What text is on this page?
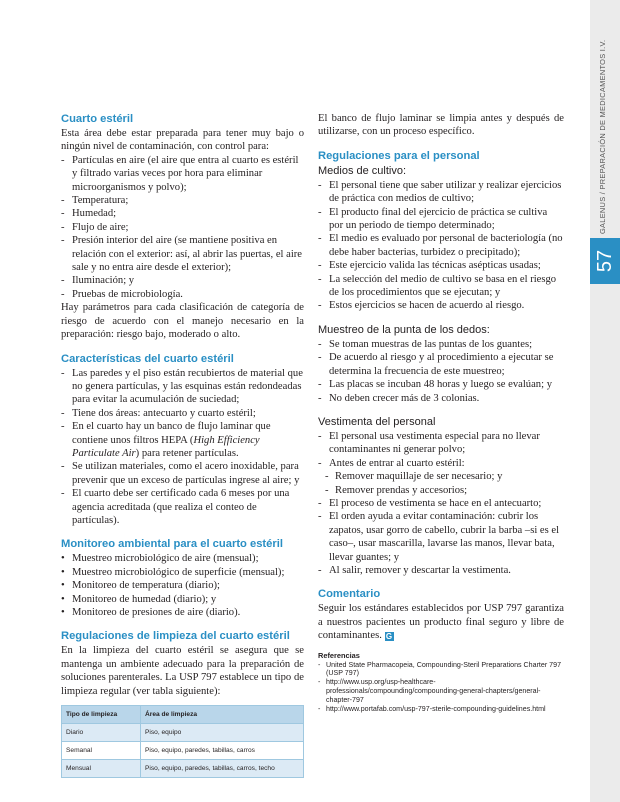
GALENUS / PREPARACIÓN DE MEDICAMENTOS I.V.
57
Cuarto estéril

Esta área debe estar preparada para tener muy bajo o ningún nivel de contaminación, con control para:

- Partículas en aire (el aire que entra al cuarto es estéril y filtrado varias veces por hora para eliminar microorganismos y polvo);
- Temperatura;
- Humedad;
- Flujo de aire;
- Presión interior del aire (se mantiene positiva en relación con el exterior: así, al abrir las puertas, el aire sale y no entra aire desde el exterior);
- Iluminación; y
- Pruebas de microbiología.

Hay parámetros para cada clasificación de categoría de riesgo de acuerdo con el manejo necesario en la preparación: riesgo bajo, moderado o alto.

Características del cuarto estéril
- Las paredes y el piso están recubiertos de material que no genera partículas, y las esquinas están redondeadas para evitar la acumulación de suciedad;
- Tiene dos áreas: antecuarto y cuarto estéril;
- En el cuarto hay un banco de flujo laminar que contiene unos filtros HEPA (High Efficiency Particulate Air) para retener partículas.
- Se utilizan materiales, como el acero inoxidable, para prevenir que un exceso de partículas ingrese al aire; y
- El cuarto debe ser certificado cada 6 meses por una agencia acreditada (que realiza el conteo de partículas).
Monitoreo ambiental para el cuarto estéril
• Muestreo microbiológico de aire (mensual);
• Muestreo microbiológico de superficie (mensual);
• Monitoreo de temperatura (diario);
• Monitoreo de humedad (diario); y
• Monitoreo de presiones de aire (diario).
Regulaciones de limpieza del cuarto estéril

En la limpieza del cuarto estéril se asegura que se mantenga un ambiente adecuado para la preparación de soluciones parenterales. La USP 797 establece un tipo de limpieza regular (ver tabla siguiente):

Tipo de limpieza	Área de limpieza
Diario	Piso, equipo
Semanal	Piso, equipo, paredes, tabillas, carros
Mensual	Piso, equipo, paredes, tabillas, carros, techo

El banco de flujo laminar se limpia antes y después de utilizarse, con un proceso específico.

Regulaciones para el personal
Medios de cultivo:
- El personal tiene que saber utilizar y realizar ejercicios de práctica con medios de cultivo;
- El producto final del ejercicio de práctica se cultiva por un periodo de tiempo determinado;
- El medio es evaluado por personal de bacteriología (no debe haber bacterias, turbidez o precipitado);
- Este ejercicio valida las técnicas asépticas usadas;
- La selección del medio de cultivo se basa en el riesgo de los procedimientos que se ejecutan; y
- Estos ejercicios se hacen de acuerdo al riesgo.
Muestreo de la punta de los dedos:
- Se toman muestras de las puntas de los guantes;
- De acuerdo al riesgo y al procedimiento a ejecutar se determina la frecuencia de este muestreo;
- Las placas se incuban 48 horas y luego se evalúan; y
- No deben crecer más de 3 colonias.
Vestimenta del personal
- El personal usa vestimenta especial para no llevar contaminantes ni generar polvo;
- Antes de entrar al cuarto estéril:
- Remover maquillaje de ser necesario; y
- Remover prendas y accesorios;
- El proceso de vestimenta se hace en el antecuarto;
- El orden ayuda a evitar contaminación: cubrir los zapatos, usar gorro de cabello, cubrir la barba –si es el caso–, usar mascarilla, lavarse las manos, llevar bata, llevar guantes; y
- Al salir, remover y descartar la vestimenta.
Comentario

Seguir los estándares establecidos por USP 797 garantiza a nuestros pacientes un producto final seguro y libre de contaminantes. G

Referencias
- United State Pharmacopeia, Compounding-Steril Preparations Charter 797 (USP 797)
- http://www.usp.org/usp-healthcare-professionals/compounding/compounding-general-chapters/general-chapter-797
- http://www.portafab.com/usp-797-sterile-compounding-guidelines.html
